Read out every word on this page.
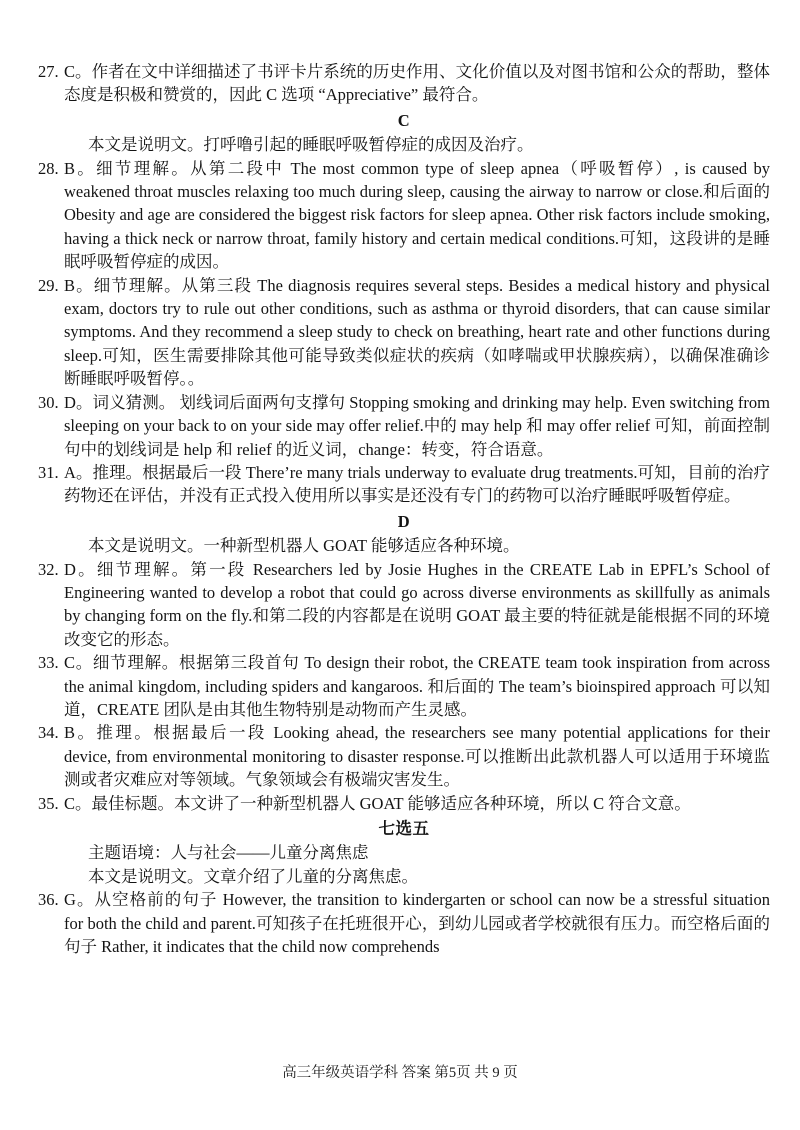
27. C。作者在文中详细描述了书评卡片系统的历史作用、文化价值以及对图书馆和公众的帮助，整体态度是积极和赞赏的，因此 C 选项 “Appreciative” 最符合。
C
本文是说明文。打呼噜引起的睡眠呼吸暂停症的成因及治疗。
28. B。细节理解。从第二段中 The most common type of sleep apnea（呼吸暂停）, is caused by weakened throat muscles relaxing too much during sleep, causing the airway to narrow or close.和后面的 Obesity and age are considered the biggest risk factors for sleep apnea. Other risk factors include smoking, having a thick neck or narrow throat, family history and certain medical conditions.可知，这段讲的是睡眠呼吸暂停症的成因。
29. B。细节理解。从第三段 The diagnosis requires several steps. Besides a medical history and physical exam, doctors try to rule out other conditions, such as asthma or thyroid disorders, that can cause similar symptoms. And they recommend a sleep study to check on breathing, heart rate and other functions during sleep.可知，医生需要排除其他可能导致类似症状的疾病（如哮喘或甲状腺疾病），以确保准确诊断睡眠呼吸暂停。。
30. D。词义猜测。 划线词后面两句支撑句 Stopping smoking and drinking may help. Even switching from sleeping on your back to on your side may offer relief.中的 may help 和 may offer relief 可知，前面控制句中的划线词是 help 和 relief 的近义词，change：转变，符合语意。
31. A。推理。根据最后一段 There’re many trials underway to evaluate drug treatments.可知，目前的治疗药物还在评估，并没有正式投入使用所以事实是还没有专门的药物可以治疗睡眠呼吸暂停症。
D
本文是说明文。一种新型机器人 GOAT 能够适应各种环境。
32. D。细节理解。第一段 Researchers led by Josie Hughes in the CREATE Lab in EPFL’s School of Engineering wanted to develop a robot that could go across diverse environments as skillfully as animals by changing form on the fly.和第二段的内容都是在说明 GOAT 最主要的特征就是能根据不同的环境改变它的形态。
33. C。细节理解。根据第三段首句 To design their robot, the CREATE team took inspiration from across the animal kingdom, including spiders and kangaroos. 和后面的 The team’s bioinspired approach 可以知道，CREATE 团队是由其他生物特别是动物而产生灵感。
34. B。推理。根据最后一段 Looking ahead, the researchers see many potential applications for their device, from environmental monitoring to disaster response.可以推断出此款机器人可以适用于环境监测或者灾难应对等领域。气象领域会有极端灾害发生。
35. C。最佳标题。本文讲了一种新型机器人 GOAT 能够适应各种环境，所以 C 符合文意。
七选五
主题语境：人与社会——儿童分离焦虑
本文是说明文。文章介绍了儿童的分离焦虑。
36. G。从空格前的句子 However, the transition to kindergarten or school can now be a stressful situation for both the child and parent.可知孩子在托班很开心，到幼儿园或者学校就很有压力。而空格后面的句子 Rather, it indicates that the child now comprehends
高三年级英语学科 答案 第5页 共 9 页
